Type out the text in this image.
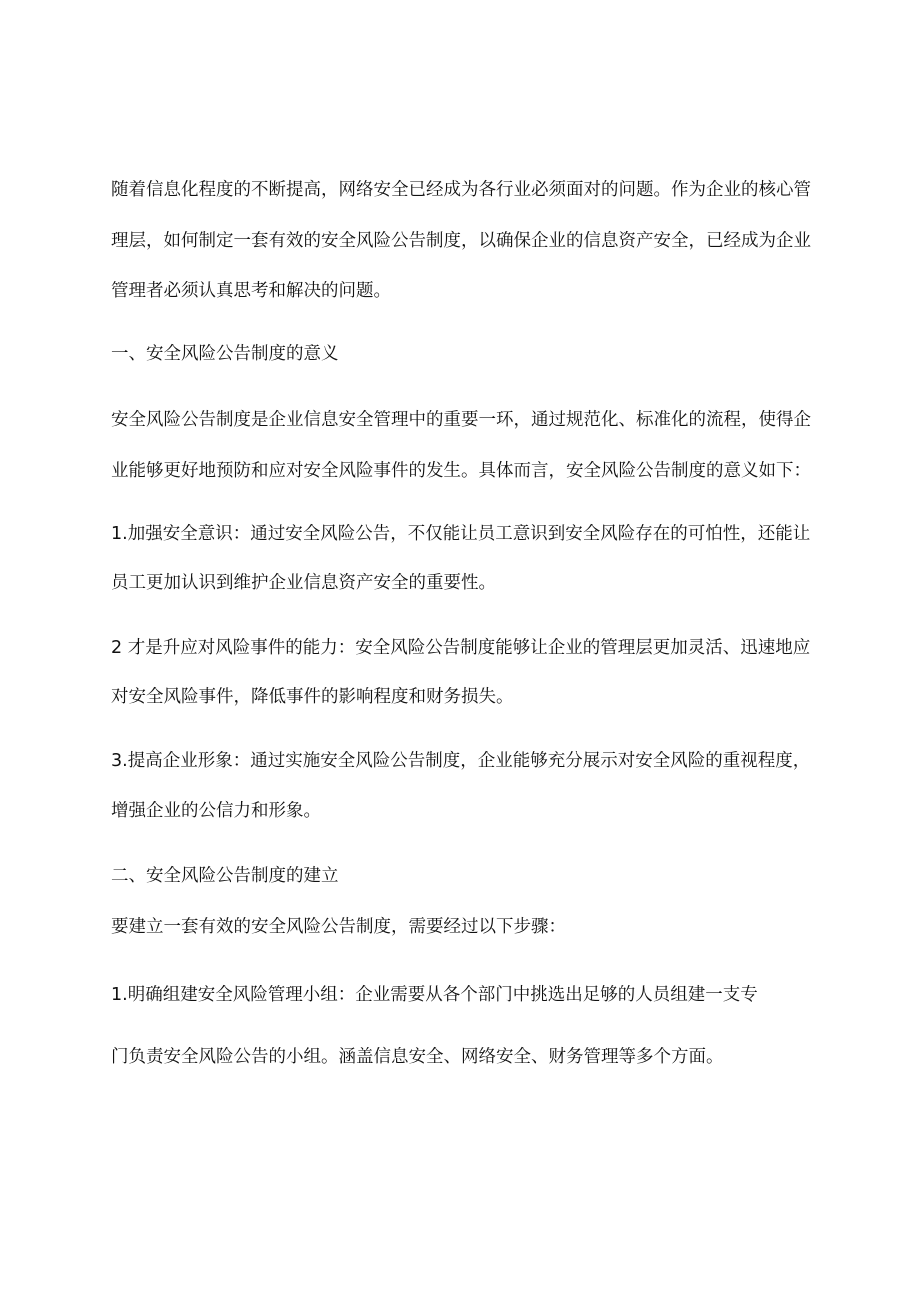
随着信息化程度的不断提高，网络安全已经成为各行业必须面对的问题。作为企业的核心管

理层，如何制定一套有效的安全风险公告制度，以确保企业的信息资产安全，已经成为企业

管理者必须认真思考和解决的问题。

一、安全风险公告制度的意义

安全风险公告制度是企业信息安全管理中的重要一环，通过规范化、标准化的流程，使得企

业能够更好地预防和应对安全风险事件的发生。具体而言，安全风险公告制度的意义如下：

1.加强安全意识：通过安全风险公告，不仅能让员工意识到安全风险存在的可怕性，还能让

员工更加认识到维护企业信息资产安全的重要性。

2 才是升应对风险事件的能力：安全风险公告制度能够让企业的管理层更加灵活、迅速地应

对安全风险事件，降低事件的影响程度和财务损失。

3.提高企业形象：通过实施安全风险公告制度，企业能够充分展示对安全风险的重视程度，

增强企业的公信力和形象。

二、安全风险公告制度的建立

要建立一套有效的安全风险公告制度，需要经过以下步骤：

1.明确组建安全风险管理小组：企业需要从各个部门中挑选出足够的人员组建一支专

门负责安全风险公告的小组。涵盖信息安全、网络安全、财务管理等多个方面。
